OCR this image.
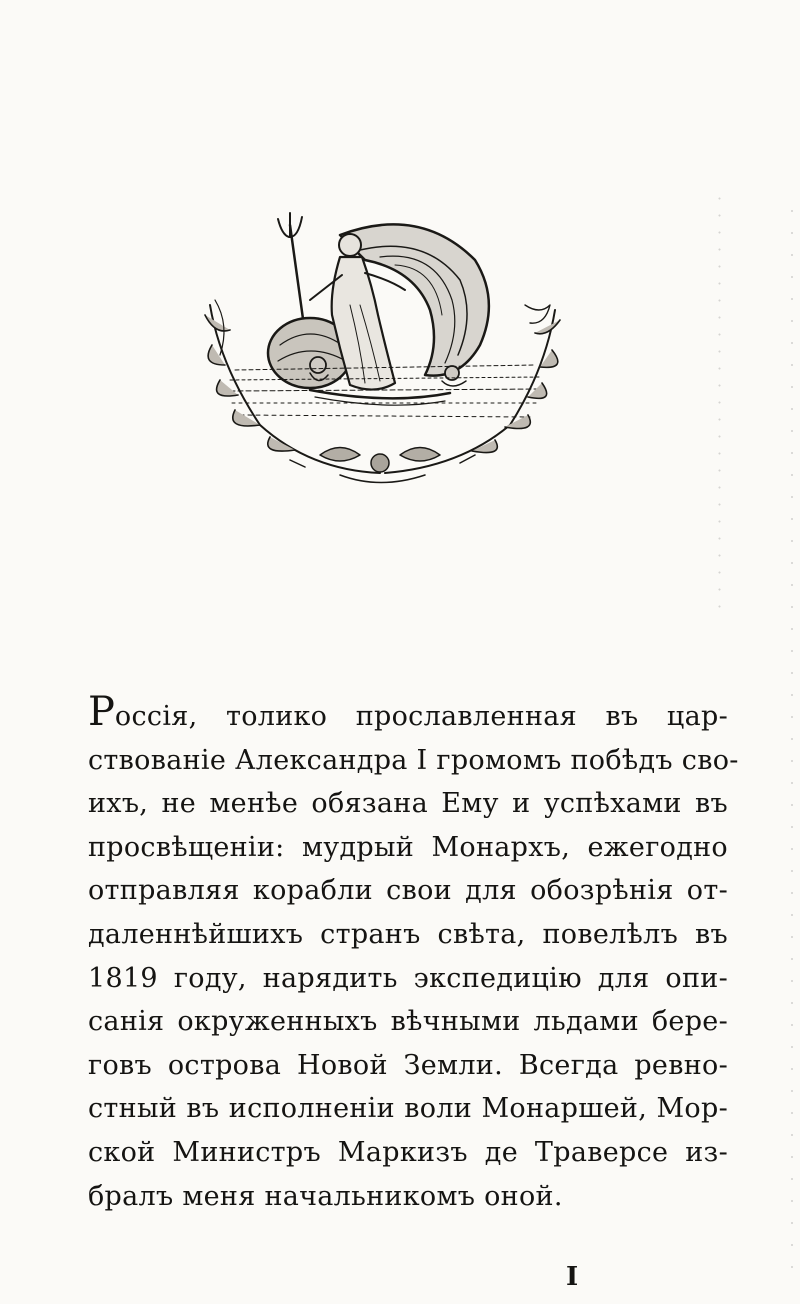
Россія, толико прославленная въ цар-
ствованіе Александра I громомъ побѣдъ сво-
ихъ, не менѣе обязана Ему и успѣхами въ
просвѣщеніи: мудрый Монархъ, ежегодно
отправляя корабли свои для обозрѣнія от-
даленнѣйшихъ странъ свѣта, повелѣлъ въ
1819 году, нарядить экспедицію для опи-
санія окруженныхъ вѣчными льдами бере-
говъ острова Новой Земли. Всегда ревно-
стный въ исполненіи воли Монаршей, Мор-
ской Министръ Маркизъ де Траверсе из-
бралъ меня начальникомъ оной.
I
